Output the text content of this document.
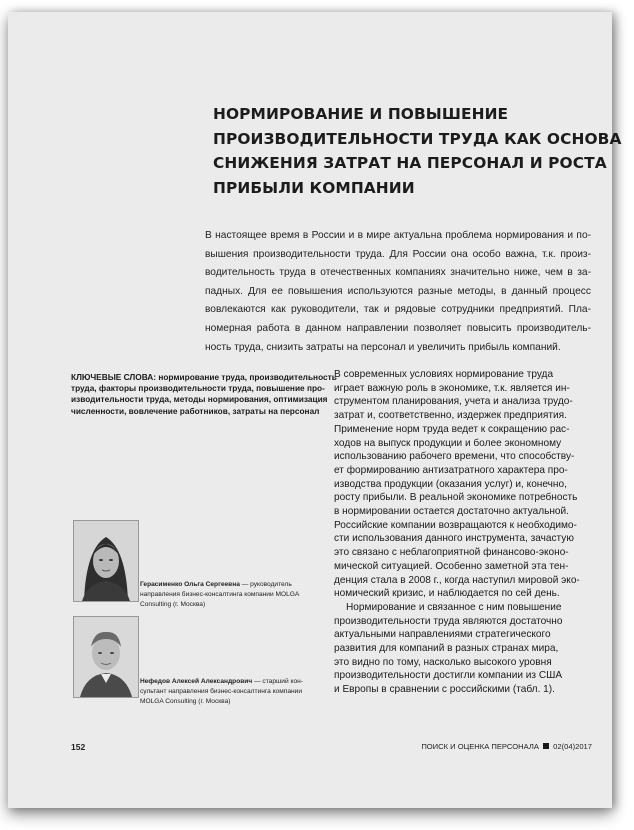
НОРМИРОВАНИЕ И ПОВЫШЕНИЕ
ПРОИЗВОДИТЕЛЬНОСТИ ТРУДА КАК ОСНОВА
СНИЖЕНИЯ ЗАТРАТ НА ПЕРСОНАЛ И РОСТА
ПРИБЫЛИ КОМПАНИИ
В настоящее время в России и в мире актуальна проблема нормирования и по-
вышения производительности труда. Для России она особо важна, т.к. произ-
водительность труда в отечественных компаниях значительно ниже, чем в за-
падных. Для ее повышения используются разные методы, в данный процесс
вовлекаются как руководители, так и рядовые сотрудники предприятий. Пла-
номерная работа в данном направлении позволяет повысить производитель-
ность труда, снизить затраты на персонал и увеличить прибыль компаний.
КЛЮЧЕВЫЕ СЛОВА: нормирование труда, производительность
труда, факторы производительности труда, повышение про-
изводительности труда, методы нормирования, оптимизация
численности, вовлечение работников, затраты на персонал
В современных условиях нормирование труда
играет важную роль в экономике, т.к. является ин-
струментом планирования, учета и анализа трудо-
затрат и, соответственно, издержек предприятия.
Применение норм труда ведет к сокращению рас-
ходов на выпуск продукции и более экономному
использованию рабочего времени, что способству-
ет формированию антизатратного характера про-
изводства продукции (оказания услуг) и, конечно,
росту прибыли. В реальной экономике потребность
в нормировании остается достаточно актуальной.
Российские компании возвращаются к необходимо-
сти использования данного инструмента, зачастую
это связано с неблагоприятной финансово-эконо-
мической ситуацией. Особенно заметной эта тен-
денция стала в 2008 г., когда наступил мировой эко-
номический кризис, и наблюдается по сей день.
Нормирование и связанное с ним повышение
производительности труда являются достаточно
актуальными направлениями стратегического
развития для компаний в разных странах мира,
это видно по тому, насколько высокого уровня
производительности достигли компании из США
и Европы в сравнении с российскими (табл. 1).
Герасименко Ольга Сергеевна — руководитель
направления бизнес-консалтинга компании MOLGA
Consulting (г. Москва)
Нефедов Алексей Александрович — старший кон-
сультант направления бизнес-консалтинга компании
MOLGA Consulting (г. Москва)
152	ПОИСК И ОЦЕНКА ПЕРСОНАЛА 02(04)2017
